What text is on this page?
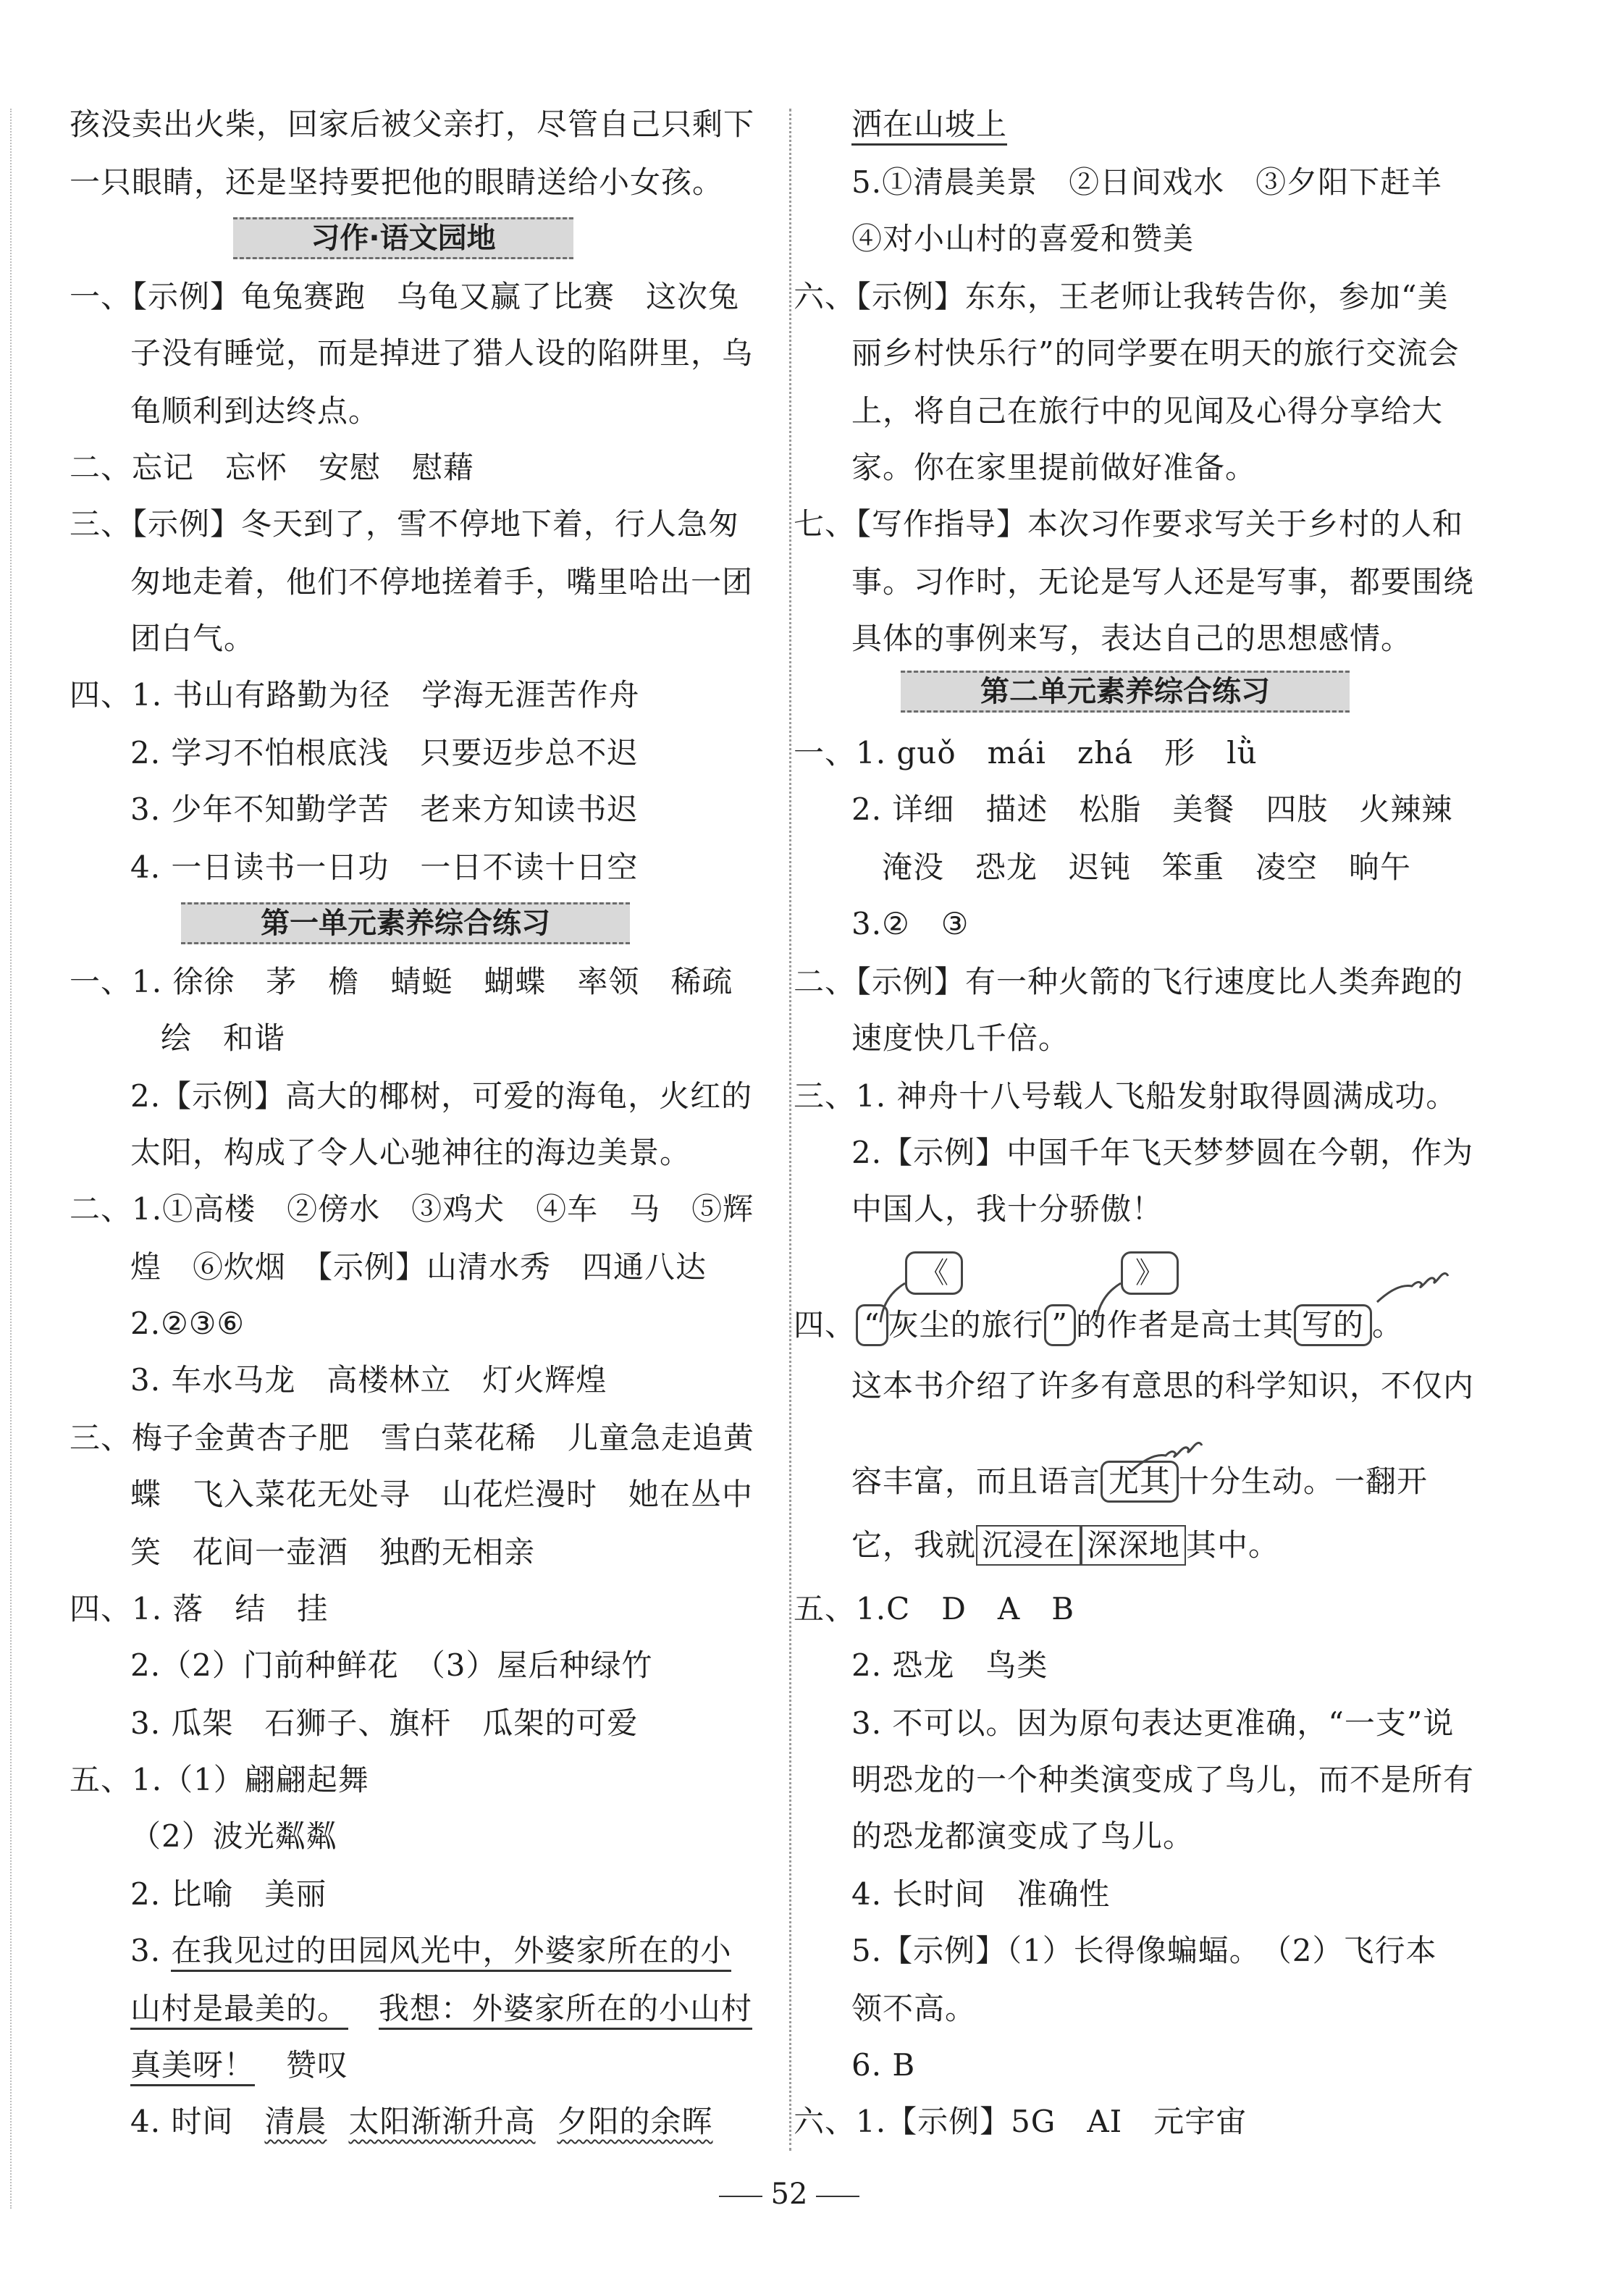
孩没卖出火柴，回家后被父亲打，尽管自己只剩下
一只眼睛，还是坚持要把他的眼睛送给小女孩。
习作·语文园地
一、【示例】龟兔赛跑　乌龟又赢了比赛　这次兔
子没有睡觉，而是掉进了猎人设的陷阱里，乌
龟顺利到达终点。
二、忘记　忘怀　安慰　慰藉
三、【示例】冬天到了，雪不停地下着，行人急匆
匆地走着，他们不停地搓着手，嘴里哈出一团
团白气。
四、1. 书山有路勤为径　学海无涯苦作舟
2. 学习不怕根底浅　只要迈步总不迟
3. 少年不知勤学苦　老来方知读书迟
4. 一日读书一日功　一日不读十日空
第一单元素养综合练习
一、1. 徐徐　茅　檐　蜻蜓　蝴蝶　率领　稀疏
绘　和谐
2.【示例】高大的椰树，可爱的海龟，火红的
太阳，构成了令人心驰神往的海边美景。
二、1.①高楼　②傍水　③鸡犬　④车　马　⑤辉
煌　⑥炊烟　【示例】山清水秀　四通八达
2.②③⑥
3. 车水马龙　高楼林立　灯火辉煌
三、梅子金黄杏子肥　雪白菜花稀　儿童急走追黄
蝶　飞入菜花无处寻　山花烂漫时　她在丛中
笑　花间一壶酒　独酌无相亲
四、1. 落　结　挂
2.（2）门前种鲜花　（3）屋后种绿竹
3. 瓜架　石狮子、旗杆　瓜架的可爱
五、1.（1）翩翩起舞
（2）波光粼粼
2. 比喻　美丽
3. 在我见过的田园风光中，外婆家所在的小
山村是最美的。 我想：外婆家所在的小山村
真美呀！　赞叹
4. 时间　清晨 太阳渐渐升高 夕阳的余晖
洒在山坡上
5.①清晨美景　②日间戏水　③夕阳下赶羊
④对小山村的喜爱和赞美
六、【示例】东东，王老师让我转告你，参加“美
丽乡村快乐行”的同学要在明天的旅行交流会
上，将自己在旅行中的见闻及心得分享给大
家。你在家里提前做好准备。
七、【写作指导】本次习作要求写关于乡村的人和
事。习作时，无论是写人还是写事，都要围绕
具体的事例来写，表达自己的思想感情。
第二单元素养综合练习
一、1. guǒ　mái　zhá　形　lǜ
2. 详细　描述　松脂　美餐　四肢　火辣辣
淹没　恐龙　迟钝　笨重　凌空　晌午
3.②　③
二、【示例】有一种火箭的飞行速度比人类奔跑的
速度快几千倍。
三、1. 神舟十八号载人飞船发射取得圆满成功。
2.【示例】中国千年飞天梦梦圆在今朝，作为
中国人，我十分骄傲！
《	》
四、 “ 灰尘的旅行 ” 的作者是高士其 写的 。
这本书介绍了许多有意思的科学知识，不仅内
容丰富，而且语言 尤其 十分生动。一翻开
它，我就 沉浸在 深深地 其中。
五、1.C　D　A　B
2. 恐龙　鸟类
3. 不可以。因为原句表达更准确，“一支”说
明恐龙的一个种类演变成了鸟儿，而不是所有
的恐龙都演变成了鸟儿。
4. 长时间　准确性
5.【示例】（1）长得像蝙蝠。　（2）飞行本
领不高。
6. B
六、1.【示例】5G　AI　元宇宙
52
